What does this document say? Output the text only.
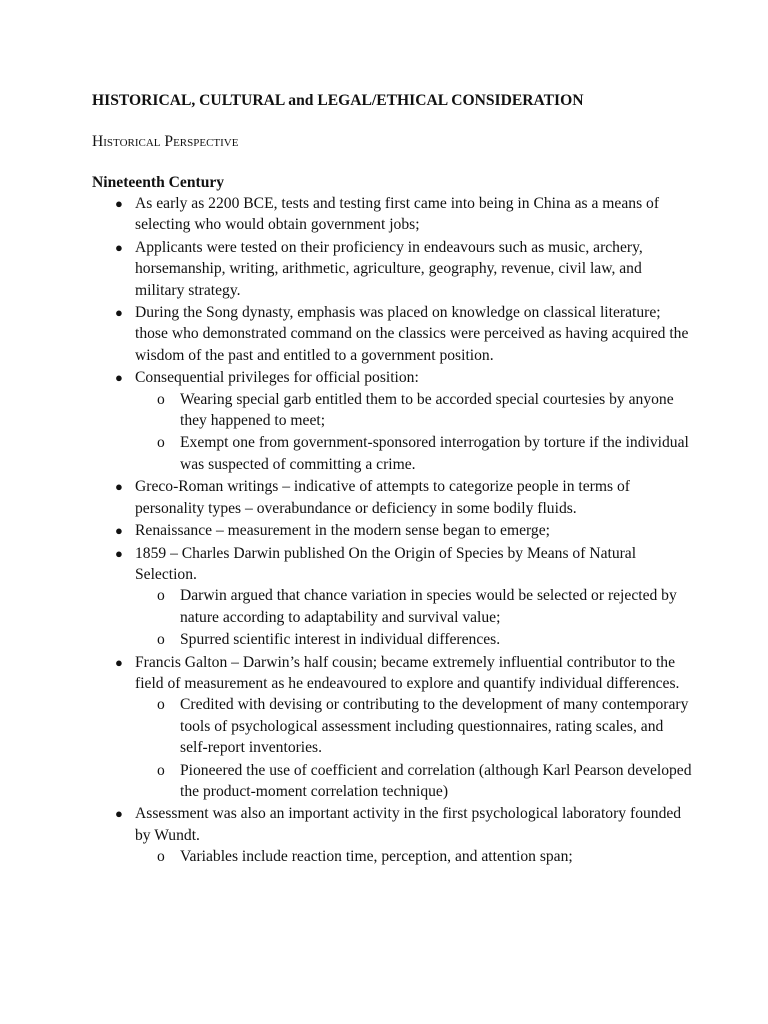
HISTORICAL, CULTURAL and LEGAL/ETHICAL CONSIDERATION
Historical Perspective
Nineteenth Century
● As early as 2200 BCE, tests and testing first came into being in China as a means of selecting who would obtain government jobs;
● Applicants were tested on their proficiency in endeavours such as music, archery, horsemanship, writing, arithmetic, agriculture, geography, revenue, civil law, and military strategy.
● During the Song dynasty, emphasis was placed on knowledge on classical literature; those who demonstrated command on the classics were perceived as having acquired the wisdom of the past and entitled to a government position.
● Consequential privileges for official position:
o Wearing special garb entitled them to be accorded special courtesies by anyone they happened to meet;
o Exempt one from government-sponsored interrogation by torture if the individual was suspected of committing a crime.
● Greco-Roman writings – indicative of attempts to categorize people in terms of personality types – overabundance or deficiency in some bodily fluids.
● Renaissance – measurement in the modern sense began to emerge;
● 1859 – Charles Darwin published On the Origin of Species by Means of Natural Selection.
o Darwin argued that chance variation in species would be selected or rejected by nature according to adaptability and survival value;
o Spurred scientific interest in individual differences.
● Francis Galton – Darwin’s half cousin; became extremely influential contributor to the field of measurement as he endeavoured to explore and quantify individual differences.
o Credited with devising or contributing to the development of many contemporary tools of psychological assessment including questionnaires, rating scales, and self-report inventories.
o Pioneered the use of coefficient and correlation (although Karl Pearson developed the product-moment correlation technique)
● Assessment was also an important activity in the first psychological laboratory founded by Wundt.
o Variables include reaction time, perception, and attention span;
